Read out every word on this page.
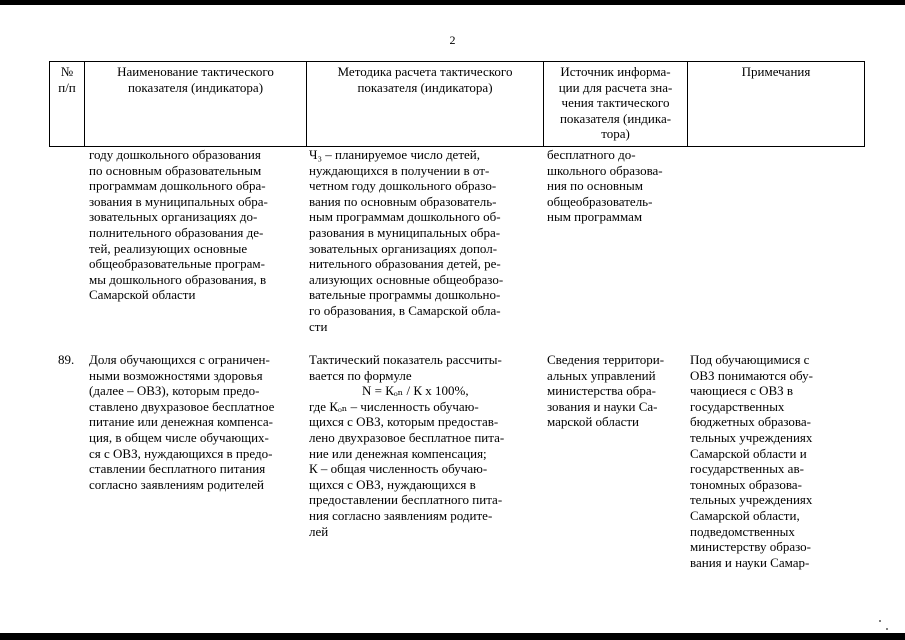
2
№
п/п
Наименование тактического
показателя (индикатора)
Методика расчета тактического
показателя (индикатора)
Источник информа-
ции для расчета зна-
чения тактического
показателя (индика-
тора)
Примечания
году дошкольного образования
по основным образовательным
программам дошкольного обра-
зования в муниципальных обра-
зовательных организациях до-
полнительного образования де-
тей, реализующих основные
общеобразовательные програм-
мы дошкольного образования, в
Самарской области
Ч₃ – планируемое число детей,
нуждающихся в получении в от-
четном году дошкольного образо-
вания по основным образователь-
ным программам дошкольного об-
разования в муниципальных обра-
зовательных организациях допол-
нительного образования детей, ре-
ализующих основные общеобразо-
вательные программы дошкольно-
го образования, в Самарской обла-
сти
бесплатного до-
школьного образова-
ния по основным
общеобразователь-
ным программам
89. Доля обучающихся с ограничен-
ными возможностями здоровья
(далее – ОВЗ), которым предо-
ставлено двухразовое бесплатное
питание или денежная компенса-
ция, в общем числе обучающих-
ся с ОВЗ, нуждающихся в предо-
ставлении бесплатного питания
согласно заявлениям родителей
Тактический показатель рассчиты-
вается по формуле
N = Кₒₙ / К х 100%,
где Кₒₙ – численность обучаю-
щихся с ОВЗ, которым предостав-
лено двухразовое бесплатное пита-
ние или денежная компенсация;
К – общая численность обучаю-
щихся с ОВЗ, нуждающихся в
предоставлении бесплатного пита-
ния согласно заявлениям родите-
лей
Сведения территори-
альных управлений
министерства обра-
зования и науки Са-
марской области
Под обучающимися с
ОВЗ понимаются обу-
чающиеся с ОВЗ в
государственных
бюджетных образова-
тельных учреждениях
Самарской области и
государственных ав-
тономных образова-
тельных учреждениях
Самарской области,
подведомственных
министерству образо-
вания и науки Самар-
